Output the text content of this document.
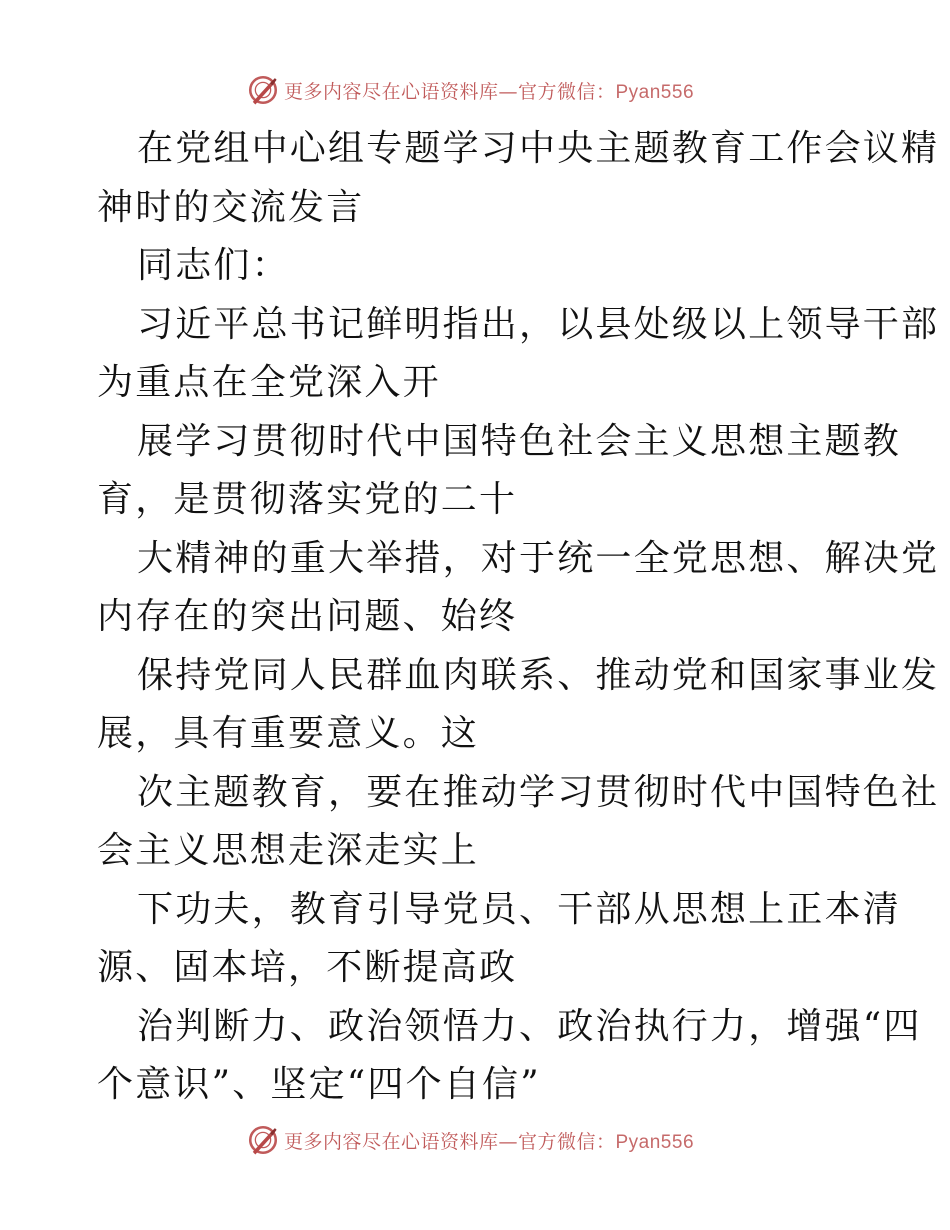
更多内容尽在心语资料库—官方微信：Pyan556
在党组中心组专题学习中央主题教育工作会议精
神时的交流发言
同志们：
习近平总书记鲜明指出，以县处级以上领导干部
为重点在全党深入开
展学习贯彻时代中国特色社会主义思想主题教
育，是贯彻落实党的二十
大精神的重大举措，对于统一全党思想、解决党
内存在的突出问题、始终
保持党同人民群血肉联系、推动党和国家事业发
展，具有重要意义。这
次主题教育，要在推动学习贯彻时代中国特色社
会主义思想走深走实上
下功夫，教育引导党员、干部从思想上正本清
源、固本培，不断提高政
治判断力、政治领悟力、政治执行力，增强“四
个意识”、坚定“四个自信”
更多内容尽在心语资料库—官方微信：Pyan556
